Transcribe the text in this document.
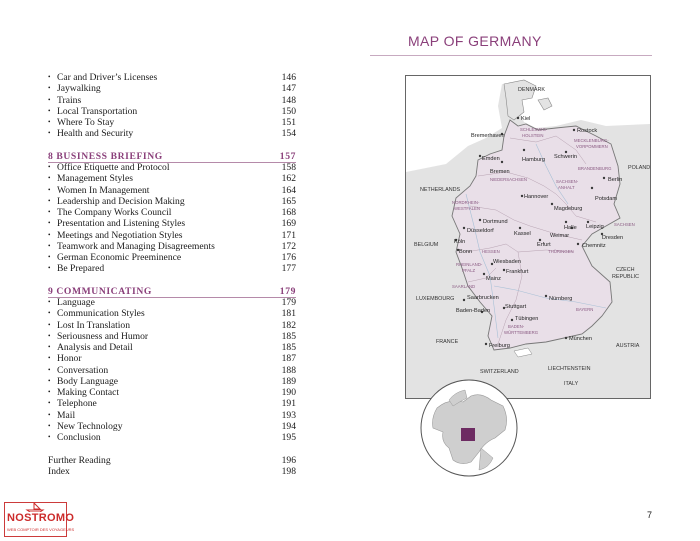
• Car and Driver’s Licenses	146
• Jaywalking	147
• Trains	148
• Local Transportation	150
• Where To Stay	151
• Health and Security	154
8 BUSINESS BRIEFING	157
• Office Etiquette and Protocol	158
• Management Styles	162
• Women In Management	164
• Leadership and Decision Making	165
• The Company Works Council	168
• Presentation and Listening Styles	169
• Meetings and Negotiation Styles	171
• Teamwork and Managing Disagreements	172
• German Economic Preeminence	176
• Be Prepared	177
9 COMMUNICATING	179
• Language	179
• Communication Styles	181
• Lost In Translation	182
• Seriousness and Humor	185
• Analysis and Detail	185
• Honor	187
• Conversation	188
• Body Language	189
• Making Contact	190
• Telephone	191
• Mail	193
• New Technology	194
• Conclusion	195
Further Reading	196
Index	198
MAP OF GERMANY
DENMARK
NETHERLANDS
BELGIUM
LUXEMBOURG
FRANCE
SWITZERLAND	LIECHTENSTEIN
ITALY
AUSTRIA
CZECH
REPUBLIC
POLAND
SCHLESWIG-
HOLSTEIN
MECKLENBURG-
VORPOMMERN
BRANDENBURG
NIEDERSACHSEN	SACHSEN-
ANHALT
NORDRHEIN-
WESTFALEN
SACHSEN
HESSEN	THÜRINGEN
RHEINLAND-
PFALZ
SAARLAND
BAYERN
BADEN-
WÜRTTEMBERG
Kiel
Rostock
Bremerhaven
Schwerin
Emden	Hamburg
Bremen
Berlin
Hannover	Potsdam
Magdeburg
Dortmund
Halle Leipzig
Düsseldorf	Kassel	Weimar	Dresden
Köln	Erfurt	Chemnitz
Bonn
Wiesbaden
Frankfurt
Mainz
Saarbrucken	Nürnberg
Stuttgart
Baden-Baden
Tübingen
München
Freiburg
7
NOSTROMO
WEB COMPTOIR DES VOYAGEURS
